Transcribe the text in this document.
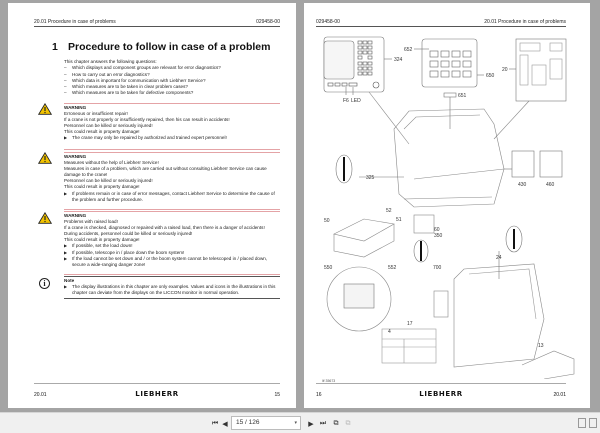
20.01 Procedure in case of problems	029458-00
1 Procedure to follow in case of a problem
This chapter answers the following questions:
– Which displays and component groups are relevant for error diagnostics?
– How to carry out an error diagnostics?
– Which data is important for communication with Liebherr Service?
– Which measures are to be taken in clear problem cases?
– Which measures are to be taken for defective components?
WARNING
Erroneous or insufficient repair!
If a crane is not properly or insufficiently repaired, then his can result in accidents!
Personnel can be killed or seriously injured!
This could result in property damage!
▶ The crane may only be repaired by authorized and trained expert personnel!
WARNING
Measures without the help of Liebherr Service!
Measures in case of a problem, which are carried out without consulting Liebherr Service can cause damage to the crane!
Personnel can be killed or seriously injured!
This could result in property damage!
▶ If problems remain or in case of error messages, contact Liebherr Service to determine the cause of the problem and further procedure.
WARNING
Problems with raised load!
If a crane is checked, diagnosed or repaired with a raised load, then there is a danger of accidents!
During accidents, personnel could be killed or seriously injured!
This could result in property damage!
▶ If possible, set the load down!
▶ If possible, telescope in / place down the boom system!
▶ If the load cannot be set down and / or the boom system cannot be telescoped in / placed down, secure a wide-ranging danger zone!
i	Note
▶ The display illustrations in this chapter are only examples. Values and icons in the illustrations in this chapter can deviate from the displays on the LICCON monitor in normal operation.
20.01	LIEBHERR	15
029458-00	20.01 Procedure in case of problems
324
F6 LED
652
650
651
20
325
430	460
52
51
50
60
350
550	552
4
700
24
17
13
lif 35673
16	LIEBHERR	20.01
⏮ ◀	15 / 126	▾ ▶ ⏭ ⧉ ⧉
